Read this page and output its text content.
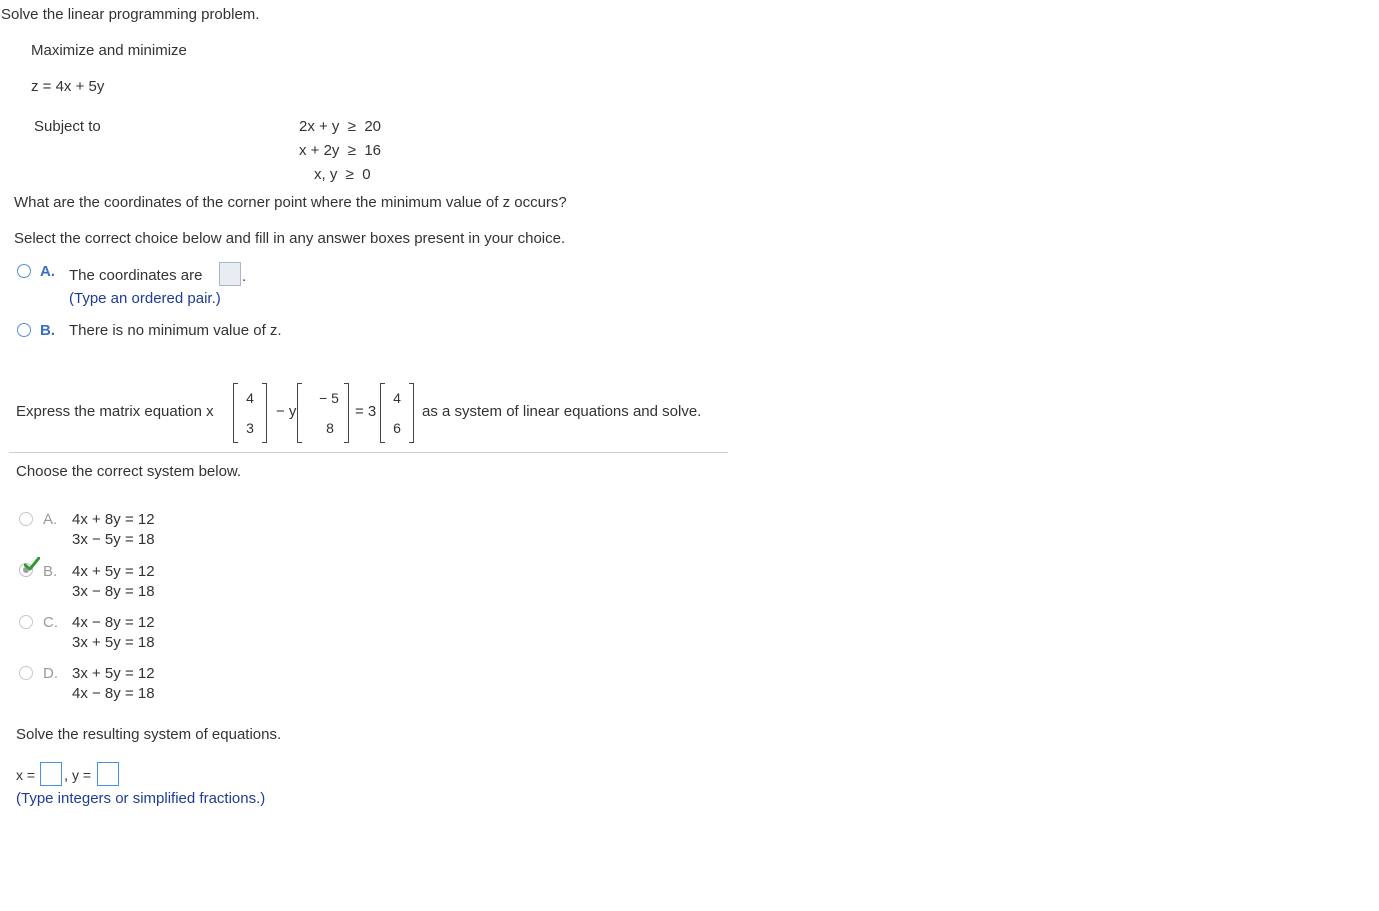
Solve the linear programming problem.
Maximize and minimize
z = 4x + 5y
Subject to	2x + y  ≥  20
x + 2y  ≥  16
x, y  ≥  0
What are the coordinates of the corner point where the minimum value of z occurs?
Select the correct choice below and fill in any answer boxes present in your choice.
A. The coordinates are	.
(Type an ordered pair.)
B. There is no minimum value of z.
Express the matrix equation x
4
3
− y
− 5
8
= 3
4
6
as a system of linear equations and solve.
Choose the correct system below.
A. 4x + 8y = 12
3x − 5y = 18
B. 4x + 5y = 12
3x − 8y = 18
C. 4x − 8y = 12
3x + 5y = 18
D. 3x + 5y = 12
4x − 8y = 18
Solve the resulting system of equations.
x = , y =
(Type integers or simplified fractions.)
